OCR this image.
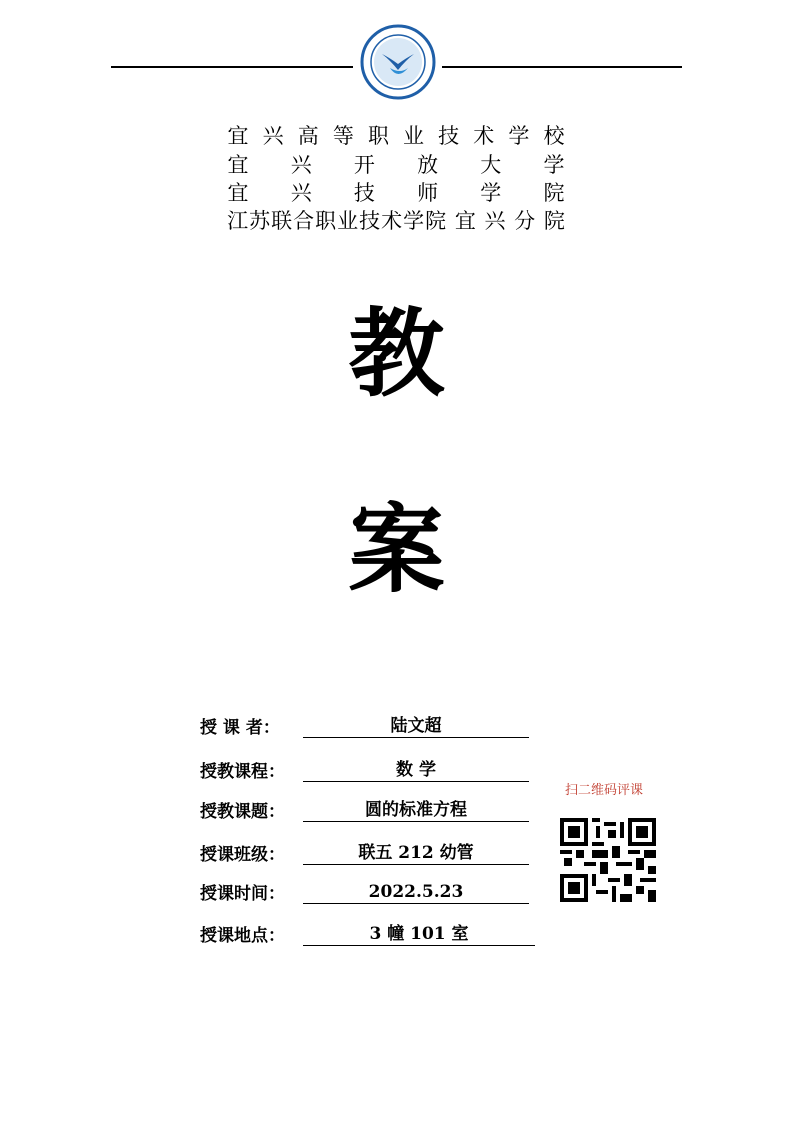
宜 兴 高 等 职 业 技 术 学 校
宜 兴 开 放 大 学
宜 兴 技 师 学 院
江苏联合职业技术学院 宜 兴 分 院
教
案
授 课 者：	陆文超
授教课程：	数 学
授教课题：	圆的标准方程
授课班级：	联五 212 幼管
授课时间：	2022.5.23
授课地点：	3 幢 101 室
扫二维码评课
